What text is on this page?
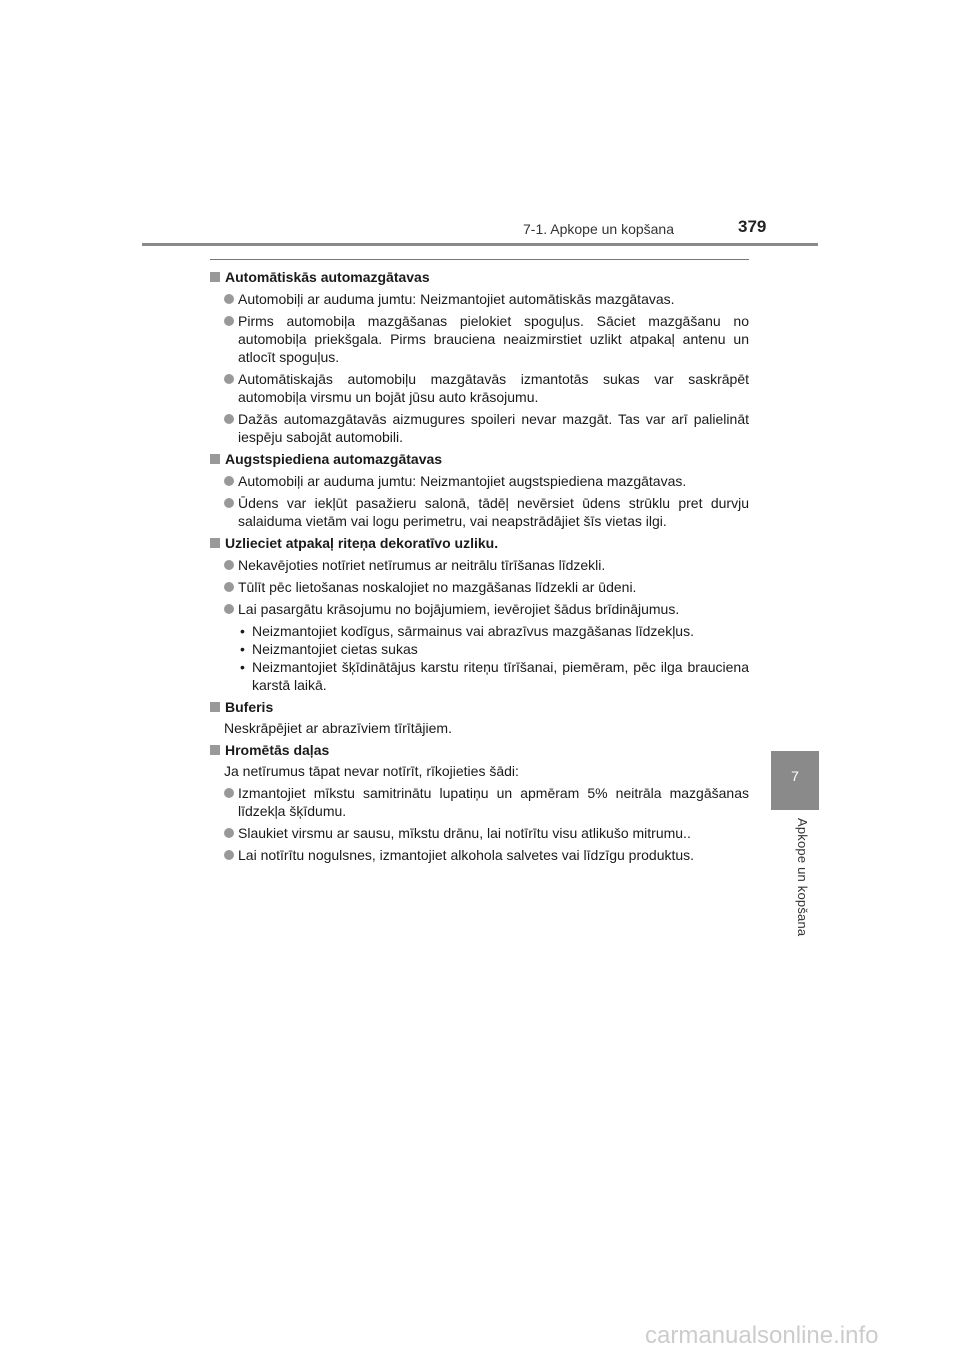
7-1. Apkope un kopšana	379
Automātiskās automazgātavas
Automobiļi ar auduma jumtu: Neizmantojiet automātiskās mazgātavas.
Pirms automobiļa mazgāšanas pielokiet spoguļus. Sāciet mazgāšanu no automobiļa priekšgala. Pirms brauciena neaizmirstiet uzlikt atpakaļ antenu un atlocīt spoguļus.
Automātiskajās automobiļu mazgātavās izmantotās sukas var saskrāpēt automobiļa virsmu un bojāt jūsu auto krāsojumu.
Dažās automazgātavās aizmugures spoileri nevar mazgāt. Tas var arī palielināt iespēju sabojāt automobili.
Augstspiediena automazgātavas
Automobiļi ar auduma jumtu: Neizmantojiet augstspiediena mazgātavas.
Ūdens var iekļūt pasažieru salonā, tādēļ nevērsiet ūdens strūklu pret durvju salaiduma vietām vai logu perimetru, vai neapstrādājiet šīs vietas ilgi.
Uzlieciet atpakaļ riteņa dekoratīvo uzliku.
Nekavējoties notīriet netīrumus ar neitrālu tīrīšanas līdzekli.
Tūlīt pēc lietošanas noskalojiet no mazgāšanas līdzekli ar ūdeni.
Lai pasargātu krāsojumu no bojājumiem, ievērojiet šādus brīdinājumus.
• Neizmantojiet kodīgus, sārmainus vai abrazīvus mazgāšanas līdzekļus.
• Neizmantojiet cietas sukas
• Neizmantojiet šķīdinātājus karstu riteņu tīrīšanai, piemēram, pēc ilga brauciena karstā laikā.
Buferis
Neskrāpējiet ar abrazīviem tīrītājiem.
Hromētās daļas
Ja netīrumus tāpat nevar notīrīt, rīkojieties šādi:
Izmantojiet mīkstu samitrinātu lupatiņu un apmēram 5% neitrāla mazgāšanas līdzekļa šķīdumu.
Slaukiet virsmu ar sausu, mīkstu drānu, lai notīrītu visu atlikušo mitrumu..
Lai notīrītu nogulsnes, izmantojiet alkohola salvetes vai līdzīgu produktus.
7
Apkope un kopšana
carmanualsonline.info
